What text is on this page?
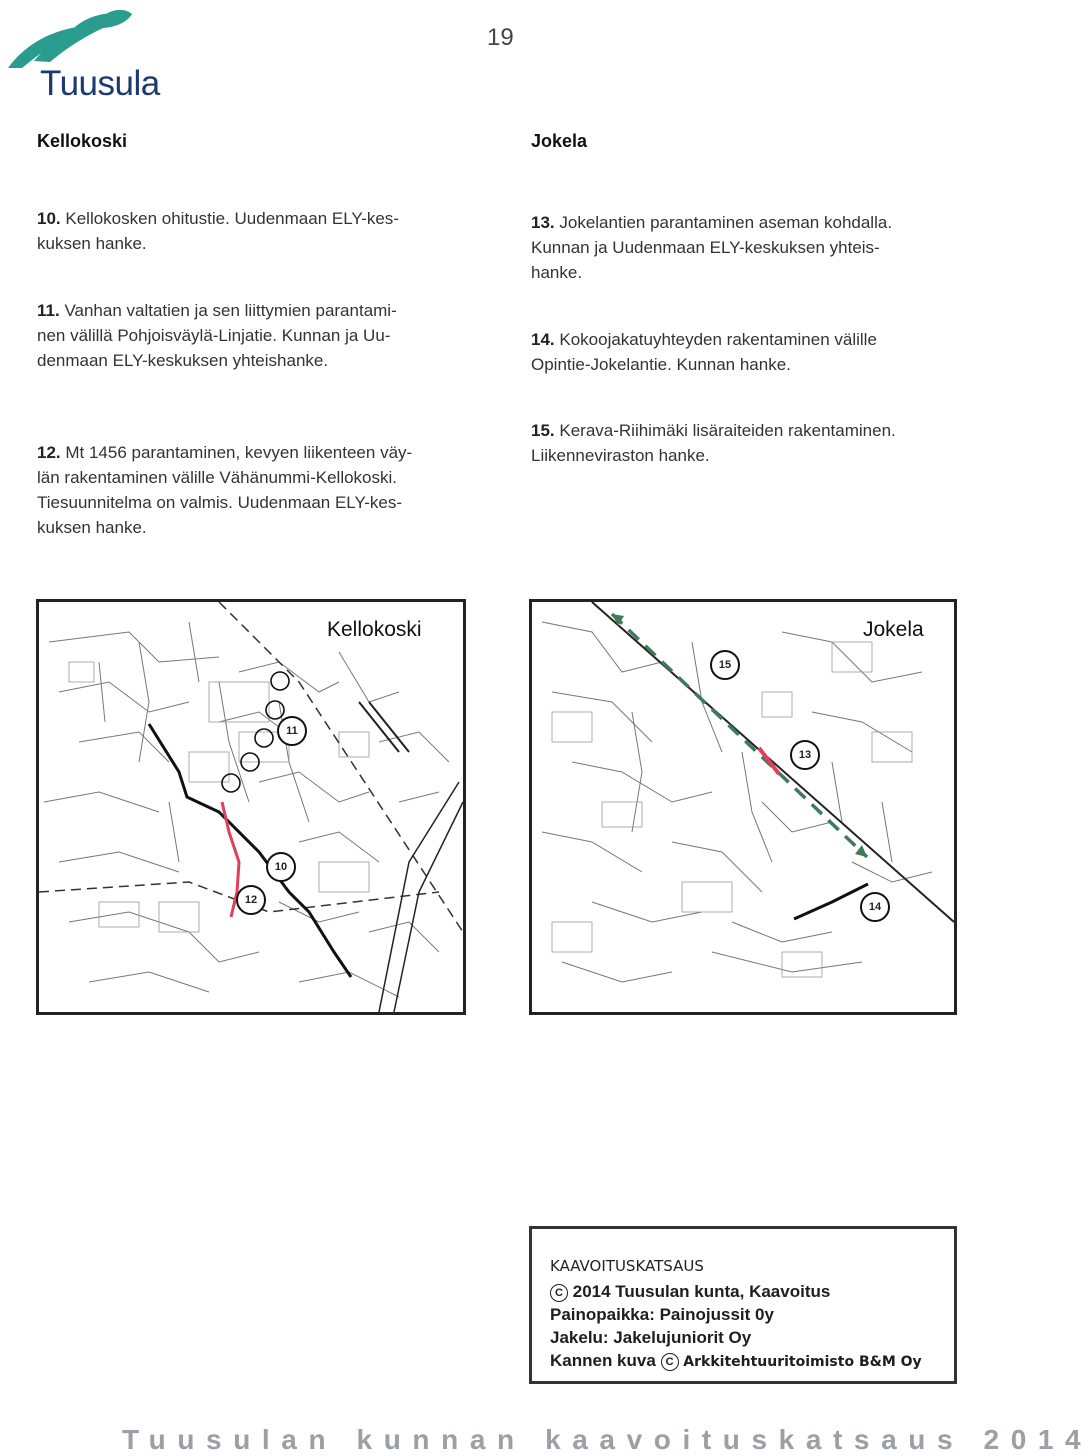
Tuusula
19
Kellokoski	Jokela
10. Kellokosken ohitustie. Uudenmaan ELY-kes-
kuksen hanke.
11. Vanhan valtatien ja sen liittymien parantami-
nen välillä Pohjoisväylä-Linjatie. Kunnan ja Uu-
denmaan ELY-keskuksen yhteishanke.
12. Mt 1456 parantaminen, kevyen liikenteen väy-
län rakentaminen välille Vähänummi-Kellokoski.
Tiesuunnitelma on valmis. Uudenmaan ELY-kes-
kuksen hanke.
13. Jokelantien parantaminen aseman kohdalla.
Kunnan ja Uudenmaan ELY-keskuksen yhteis-
hanke.
14. Kokoojakatuyhteyden rakentaminen välille
Opintie-Jokelantie. Kunnan hanke.
15. Kerava-Riihimäki lisäraiteiden rakentaminen.
Liikenneviraston hanke.
Kellokoski
11
10
12
Jokela
15
13
14
KAAVOITUSKATSAUS
C 2014 Tuusulan kunta, Kaavoitus
Painopaikka: Painojussit 0y
Jakelu: Jakelujuniorit Oy
Kannen kuva C Arkkitehtuuritoimisto B&M Oy
Tuusulan kunnan kaavoituskatsaus 2014
